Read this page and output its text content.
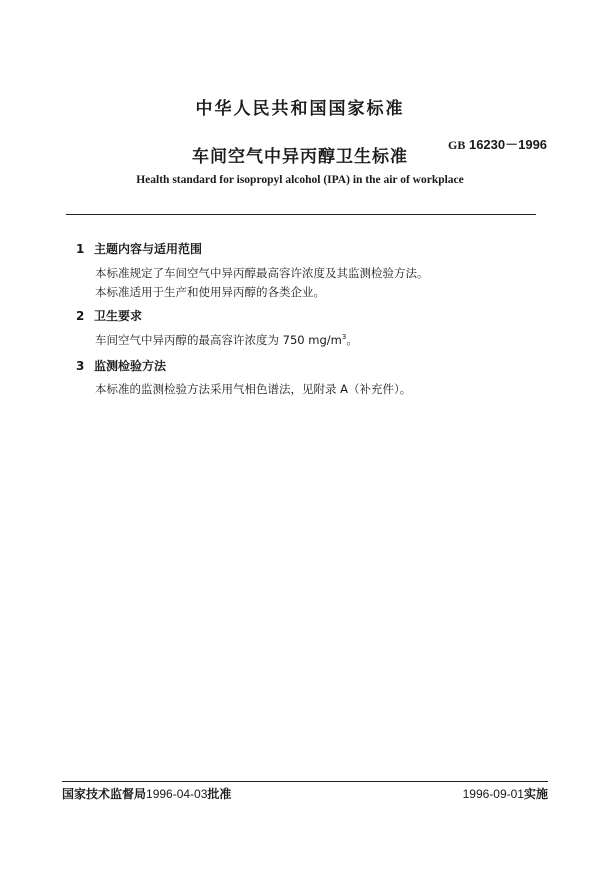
中华人民共和国国家标准
GB 16230－1996
车间空气中异丙醇卫生标准
Health standard for isopropyl alcohol (IPA) in the air of workplace
1 主题内容与适用范围
本标准规定了车间空气中异丙醇最高容许浓度及其监测检验方法。
本标准适用于生产和使用异丙醇的各类企业。
2 卫生要求
车间空气中异丙醇的最高容许浓度为 750 $mg/m^3$。
3 监测检验方法
本标准的监测检验方法采用气相色谱法，见附录 A（补充件）。
国家技术监督局1996-04-03批准	1996-09-01实施
